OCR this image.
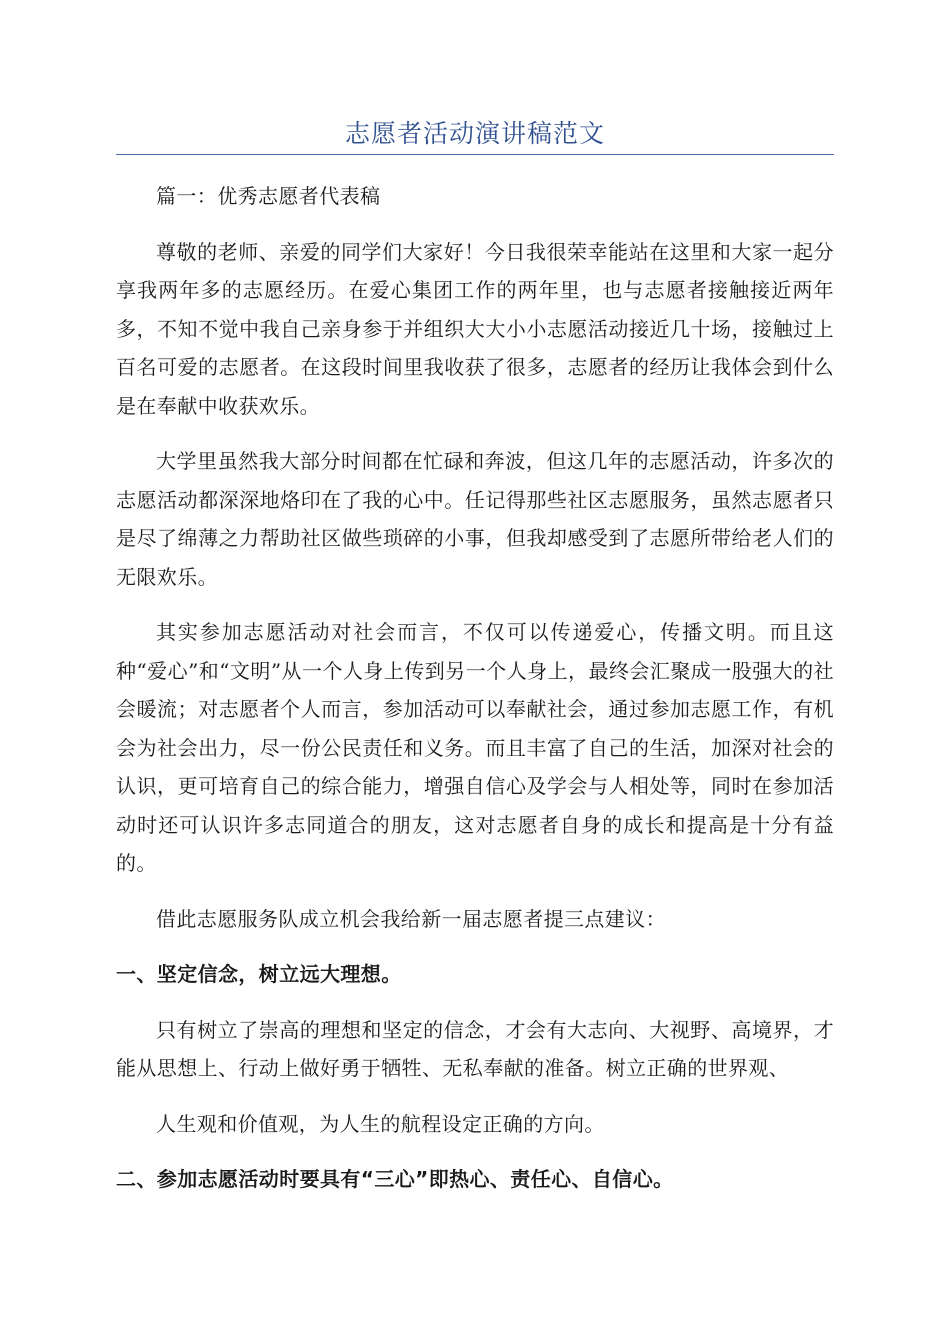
志愿者活动演讲稿范文

篇一：优秀志愿者代表稿

尊敬的老师、亲爱的同学们大家好！今日我很荣幸能站在这里和大家一起分享我两年多的志愿经历。在爱心集团工作的两年里，也与志愿者接触接近两年多，不知不觉中我自己亲身参于并组织大大小小志愿活动接近几十场，接触过上百名可爱的志愿者。在这段时间里我收获了很多，志愿者的经历让我体会到什么是在奉献中收获欢乐。

大学里虽然我大部分时间都在忙碌和奔波，但这几年的志愿活动，许多次的志愿活动都深深地烙印在了我的心中。任记得那些社区志愿服务，虽然志愿者只是尽了绵薄之力帮助社区做些琐碎的小事，但我却感受到了志愿所带给老人们的无限欢乐。

其实参加志愿活动对社会而言，不仅可以传递爱心，传播文明。而且这种“爱心”和“文明”从一个人身上传到另一个人身上，最终会汇聚成一股强大的社会暖流；对志愿者个人而言，参加活动可以奉献社会，通过参加志愿工作，有机会为社会出力，尽一份公民责任和义务。而且丰富了自己的生活，加深对社会的认识，更可培育自己的综合能力，增强自信心及学会与人相处等，同时在参加活动时还可认识许多志同道合的朋友，这对志愿者自身的成长和提高是十分有益的。

借此志愿服务队成立机会我给新一届志愿者提三点建议：

一、坚定信念，树立远大理想。

只有树立了崇高的理想和坚定的信念，才会有大志向、大视野、高境界，才能从思想上、行动上做好勇于牺牲、无私奉献的准备。树立正确的世界观、

人生观和价值观，为人生的航程设定正确的方向。

二、参加志愿活动时要具有“三心”即热心、责任心、自信心。
